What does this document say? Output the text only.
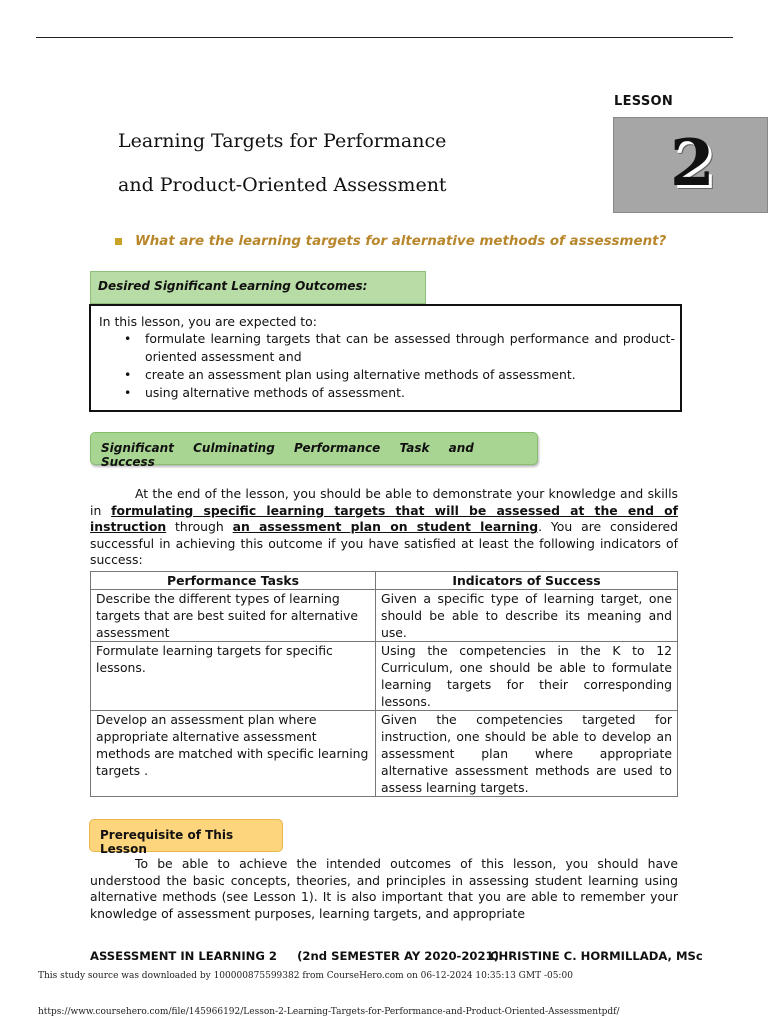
LESSON
2
Learning Targets for Performance
and Product-Oriented Assessment
What are the learning targets for alternative methods of assessment?
Desired Significant Learning Outcomes:
In this lesson, you are expected to:
• formulate learning targets that can be assessed through performance and product-oriented assessment and
• create an assessment plan using alternative methods of assessment.
• using alternative methods of assessment.
Significant Culminating Performance Task and Success

At the end of the lesson, you should be able to demonstrate your knowledge and skills in formulating specific learning targets that will be assessed at the end of instruction through an assessment plan on student learning. You are considered successful in achieving this outcome if you have satisfied at least the following indicators of success:

Performance Tasks	Indicators of Success
Describe the different types of learning targets that are best suited for alternative assessment	Given a specific type of learning target, one should be able to describe its meaning and use.
Formulate learning targets for specific lessons.	Using the competencies in the K to 12 Curriculum, one should be able to formulate learning targets for their corresponding lessons.
Develop an assessment plan where appropriate alternative assessment methods are matched with specific learning targets .	Given the competencies targeted for instruction, one should be able to develop an assessment plan where appropriate alternative assessment methods are used to assess learning targets.
Prerequisite of This Lesson

To be able to achieve the intended outcomes of this lesson, you should have understood the basic concepts, theories, and principles in assessing student learning using alternative methods (see Lesson 1). It is also important that you are able to remember your knowledge of assessment purposes, learning targets, and appropriate

ASSESSMENT IN LEARNING 2     (2nd SEMESTER AY 2020-2021)
CHRISTINE C. HORMILLADA, MSc
This study source was downloaded by 100000875599382 from CourseHero.com on 06-12-2024 10:35:13 GMT -05:00
https://www.coursehero.com/file/145966192/Lesson-2-Learning-Targets-for-Performance-and-Product-Oriented-Assessmentpdf/
